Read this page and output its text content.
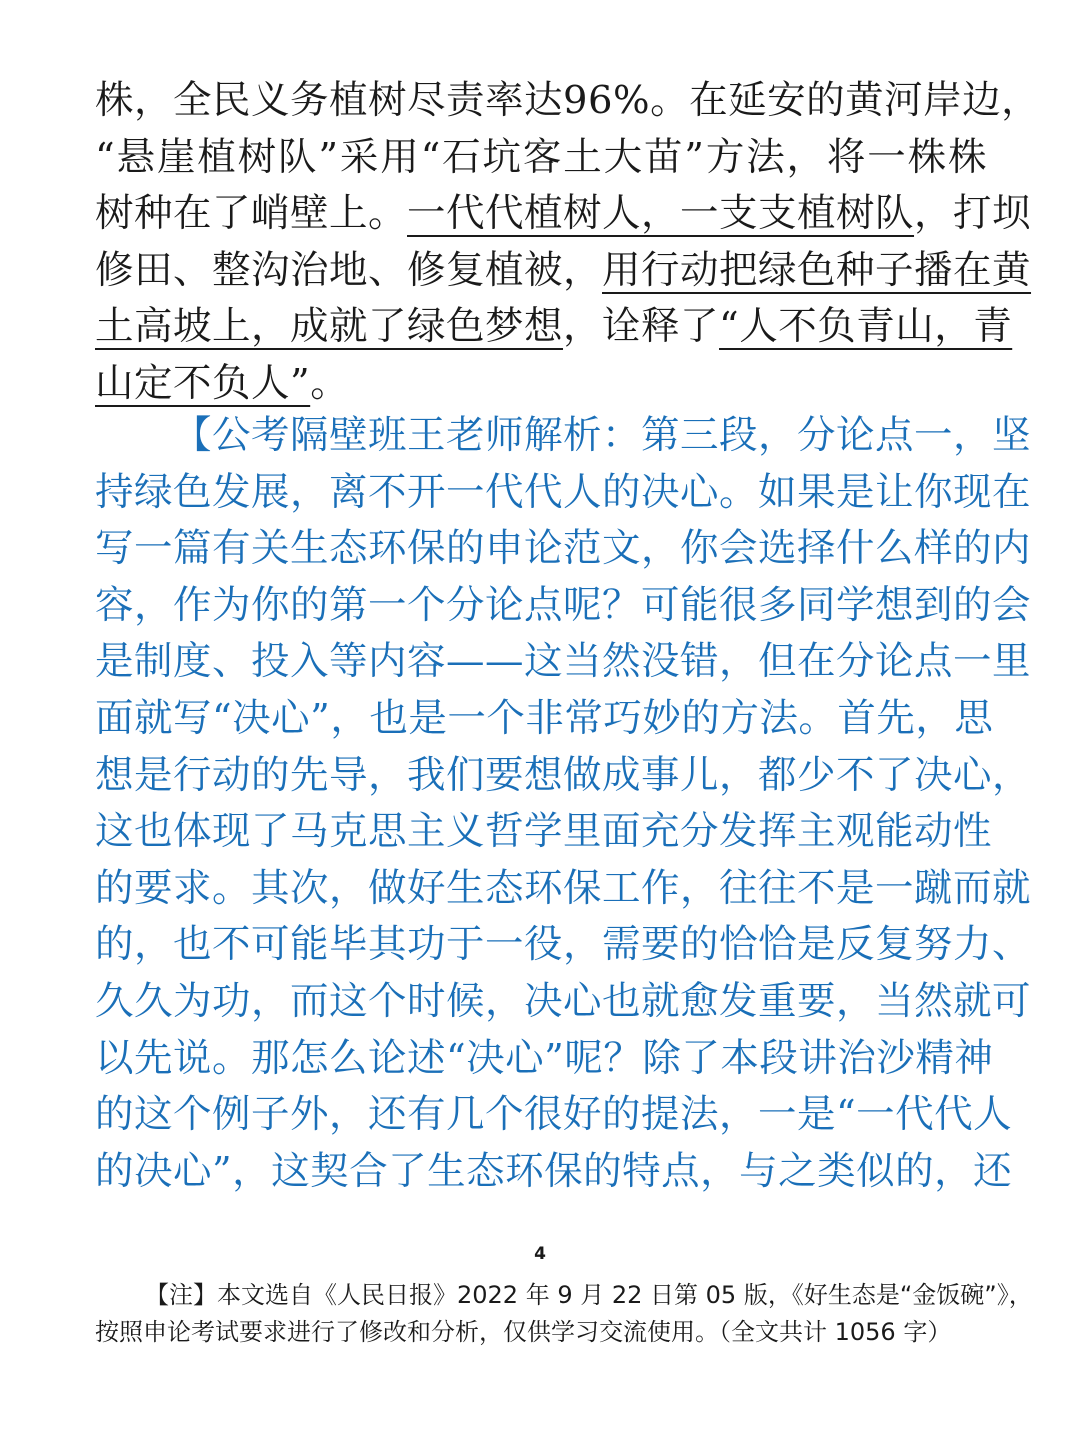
株，全民义务植树尽责率达96%。在延安的黄河岸边，
“悬崖植树队”采用“石坑客土大苗”方法，将一株株
树种在了峭壁上。一代代植树人，一支支植树队，打坝
修田、整沟治地、修复植被，用行动把绿色种子播在黄
土高坡上，成就了绿色梦想，诠释了“人不负青山，青
山定不负人”。
【公考隔壁班王老师解析：第三段，分论点一，坚
持绿色发展，离不开一代代人的决心。如果是让你现在
写一篇有关生态环保的申论范文，你会选择什么样的内
容，作为你的第一个分论点呢？可能很多同学想到的会
是制度、投入等内容——这当然没错，但在分论点一里
面就写“决心”，也是一个非常巧妙的方法。首先，思
想是行动的先导，我们要想做成事儿，都少不了决心，
这也体现了马克思主义哲学里面充分发挥主观能动性
的要求。其次，做好生态环保工作，往往不是一蹴而就
的，也不可能毕其功于一役，需要的恰恰是反复努力、
久久为功，而这个时候，决心也就愈发重要，当然就可
以先说。那怎么论述“决心”呢？除了本段讲治沙精神
的这个例子外，还有几个很好的提法，一是“一代代人
的决心”，这契合了生态环保的特点，与之类似的，还
4
【注】本文选自《人民日报》2022 年 9 月 22 日第 05 版，《好生态是“金饭碗”》，
按照申论考试要求进行了修改和分析，仅供学习交流使用。（全文共计 1056 字）
